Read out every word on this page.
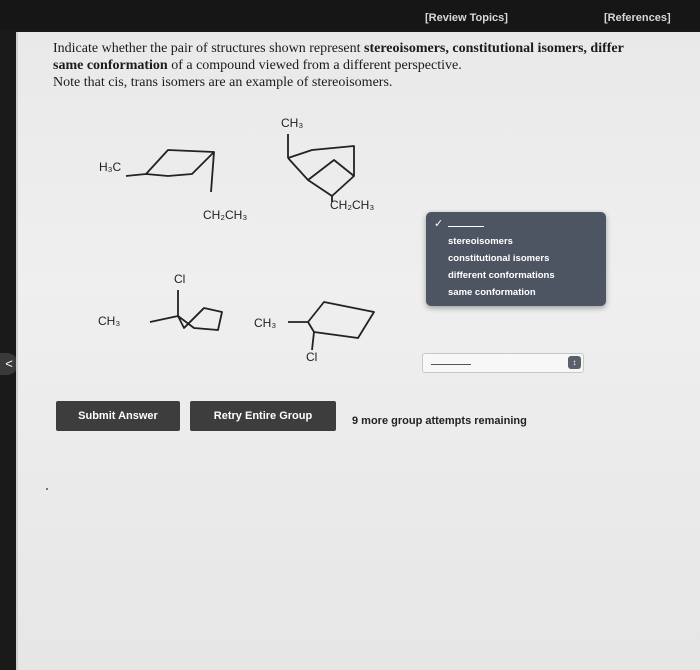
[Review Topics]	[References]
<

Indicate whether the pair of structures shown represent stereoisomers, constitutional isomers, differ

same conformation of a compound viewed from a different perspective.

Note that cis, trans isomers are an example of stereoisomers.

H₃C
CH₂CH₃
CH₃
CH₂CH₃
Cl
CH₃	CH₃
Cl
✓
stereoisomers
constitutional isomers
different conformations
same conformation
↕
Submit Answer	Retry Entire Group	9 more group attempts remaining
